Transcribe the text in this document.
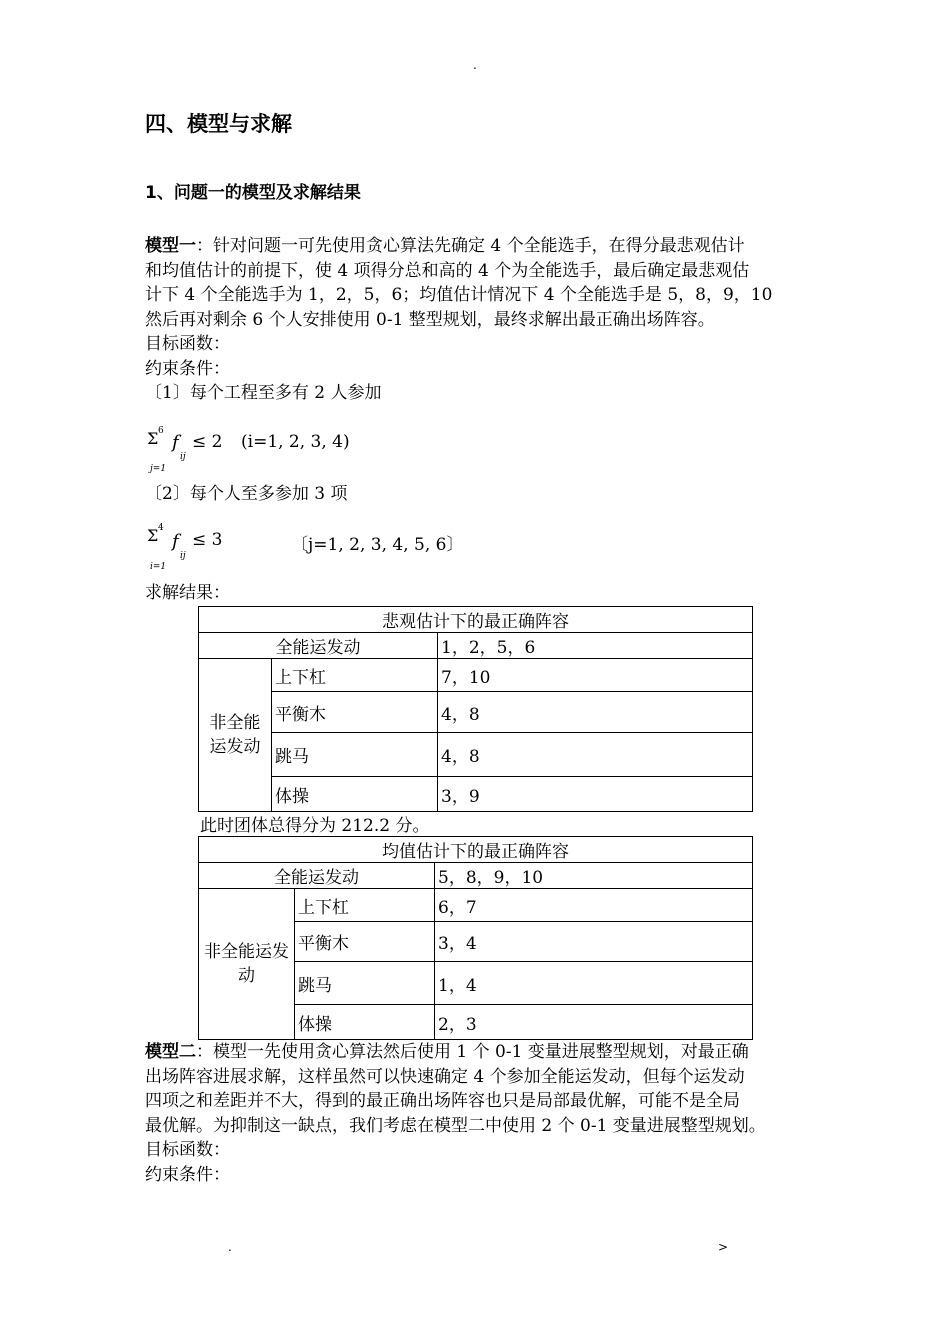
.
四、模型与求解
1、问题一的模型及求解结果
模型一：针对问题一可先使用贪心算法先确定 4 个全能选手，在得分最悲观估计
和均值估计的前提下，使 4 项得分总和高的 4 个为全能选手，最后确定最悲观估
计下 4 个全能选手为 1，2，5，6；均值估计情况下 4 个全能选手是 5，8，9，10
然后再对剩余 6 个人安排使用 0-1 整型规划，最终求解出最正确出场阵容。
目标函数：
约束条件：
〔1〕每个工程至多有 2 人参加
Σ 6
j=1
f
ij
≤ 2 (i=1, 2, 3, 4)
〔2〕每个人至多参加 3 项
Σ 4
i=1
f
ij
≤ 3	〔j=1, 2, 3, 4, 5, 6〕
求解结果：
悲观估计下的最正确阵容		
全能运发动		1，2，5，6
非全能运发动	上下杠	7，10
	平衡木	4，8
	跳马	4，8
	体操	3，9
此时团体总得分为 212.2 分。
均值估计下的最正确阵容		
全能运发动		5，8，9，10
非全能运发动	上下杠	6，7
	平衡木	3，4
	跳马	1，4
	体操	2，3
模型二：模型一先使用贪心算法然后使用 1 个 0-1 变量进展整型规划，对最正确
出场阵容进展求解，这样虽然可以快速确定 4 个参加全能运发动，但每个运发动
四项之和差距并不大，得到的最正确出场阵容也只是局部最优解，可能不是全局
最优解。为抑制这一缺点，我们考虑在模型二中使用 2 个 0-1 变量进展整型规划。
目标函数：
约束条件：
.	>
